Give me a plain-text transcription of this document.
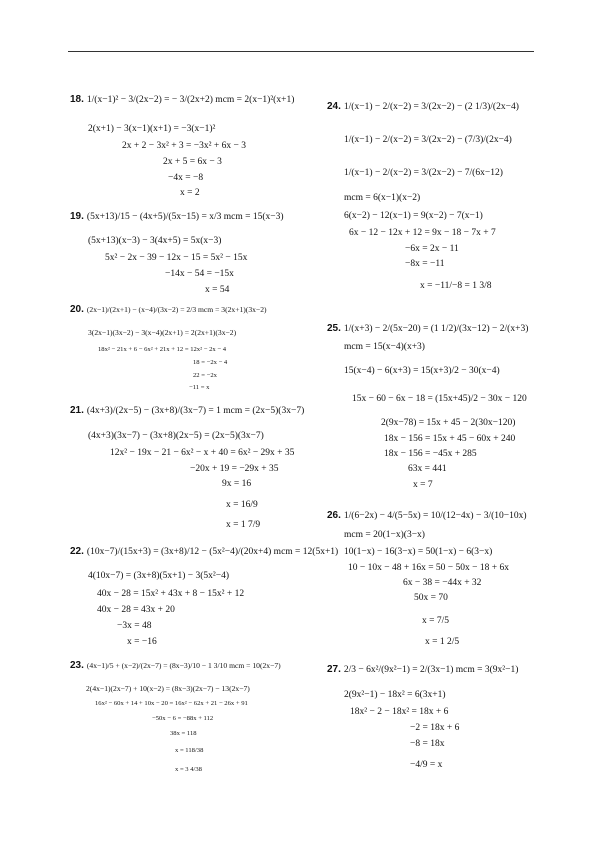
18. 1/(x−1)² − 3/(2x−2) = − 3/(2x+2) mcm = 2(x−1)²(x+1)
2(x+1) − 3(x−1)(x+1) = −3(x−1)²
2x + 2 − 3x² + 3 = −3x² + 6x − 3
2x + 5 = 6x − 3
−4x = −8
x = 2
19. (5x+13)/15 − (4x+5)/(5x−15) = x/3 mcm = 15(x−3)
(5x+13)(x−3) − 3(4x+5) = 5x(x−3)
5x² − 2x − 39 − 12x − 15 = 5x² − 15x
−14x − 54 = −15x
x = 54
20. (2x−1)/(2x+1) − (x−4)/(3x−2) = 2/3 mcm = 3(2x+1)(3x−2)
3(2x−1)(3x−2) − 3(x−4)(2x+1) = 2(2x+1)(3x−2)
18x² − 21x + 6 − 6x² + 21x + 12 = 12x² − 2x − 4
18 = −2x − 4
22 = −2x
−11 = x
21. (4x+3)/(2x−5) − (3x+8)/(3x−7) = 1 mcm = (2x−5)(3x−7)
(4x+3)(3x−7) − (3x+8)(2x−5) = (2x−5)(3x−7)
12x² − 19x − 21 − 6x² − x + 40 = 6x² − 29x + 35
−20x + 19 = −29x + 35
9x = 16
x = 16/9
x = 1 7/9
22. (10x−7)/(15x+3) = (3x+8)/12 − (5x²−4)/(20x+4) mcm = 12(5x+1)
4(10x−7) = (3x+8)(5x+1) − 3(5x²−4)
40x − 28 = 15x² + 43x + 8 − 15x² + 12
40x − 28 = 43x + 20
−3x = 48
x = −16
23. (4x−1)/5 + (x−2)/(2x−7) = (8x−3)/10 − 1 3/10 mcm = 10(2x−7)
2(4x−1)(2x−7) + 10(x−2) = (8x−3)(2x−7) − 13(2x−7)
16x² − 60x + 14 + 10x − 20 = 16x² − 62x + 21 − 26x + 91
−50x − 6 = −88x + 112
38x = 118
x = 118/38
x = 3 4/38
24. 1/(x−1) − 2/(x−2) = 3/(2x−2) − (2 1/3)/(2x−4)
1/(x−1) − 2/(x−2) = 3/(2x−2) − (7/3)/(2x−4)
1/(x−1) − 2/(x−2) = 3/(2x−2) − 7/(6x−12)
mcm = 6(x−1)(x−2)
6(x−2) − 12(x−1) = 9(x−2) − 7(x−1)
6x − 12 − 12x + 12 = 9x − 18 − 7x + 7
−6x = 2x − 11
−8x = −11
x = −11/−8 = 1 3/8
25. 1/(x+3) − 2/(5x−20) = (1 1/2)/(3x−12) − 2/(x+3)
mcm = 15(x−4)(x+3)
15(x−4) − 6(x+3) = 15(x+3)/2 − 30(x−4)
15x − 60 − 6x − 18 = (15x+45)/2 − 30x − 120
2(9x−78) = 15x + 45 − 2(30x−120)
18x − 156 = 15x + 45 − 60x + 240
18x − 156 = −45x + 285
63x = 441
x = 7
26. 1/(6−2x) − 4/(5−5x) = 10/(12−4x) − 3/(10−10x)
mcm = 20(1−x)(3−x)
10(1−x) − 16(3−x) = 50(1−x) − 6(3−x)
10 − 10x − 48 + 16x = 50 − 50x − 18 + 6x
6x − 38 = −44x + 32
50x = 70
x = 7/5
x = 1 2/5
27. 2/3 − 6x²/(9x²−1) = 2/(3x−1) mcm = 3(9x²−1)
2(9x²−1) − 18x² = 6(3x+1)
18x² − 2 − 18x² = 18x + 6
−2 = 18x + 6
−8 = 18x
−4/9 = x
